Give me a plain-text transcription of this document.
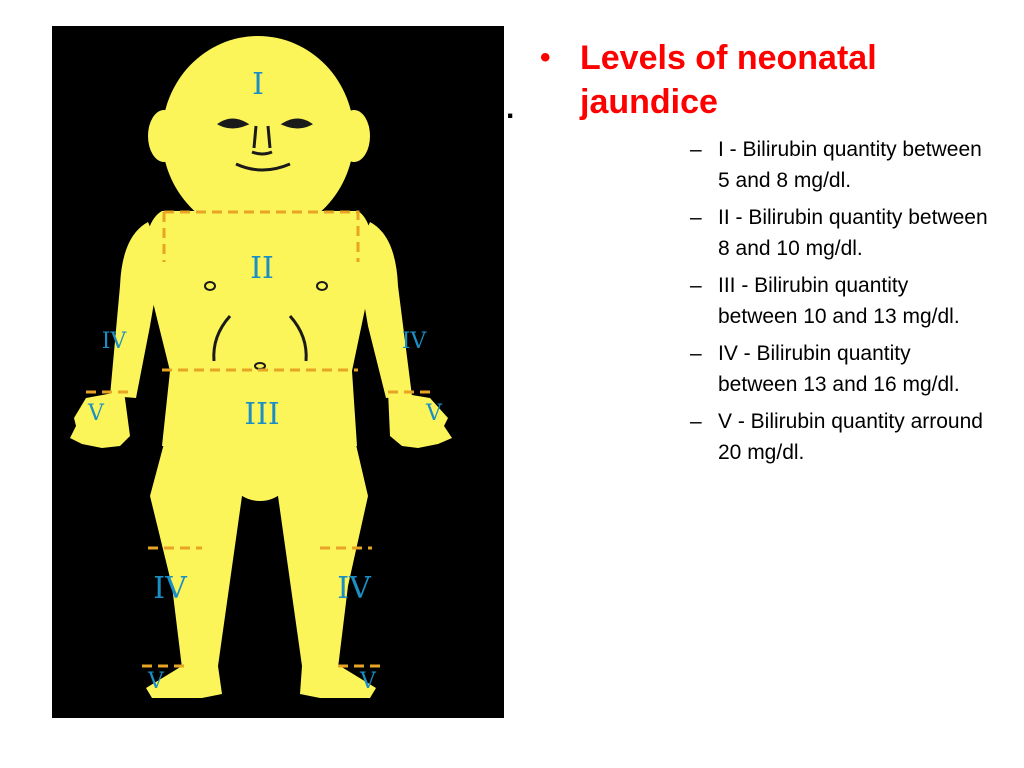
I
II
III
IV	IV
V	V
IV	IV
V	V
.
• Levels of neonatal jaundice
– I - Bilirubin quantity between 5 and 8 mg/dl.
– II - Bilirubin quantity between 8 and 10 mg/dl.
– III - Bilirubin quantity between 10 and 13 mg/dl.
– IV - Bilirubin quantity between 13 and 16 mg/dl.
– V - Bilirubin quantity arround 20 mg/dl.
